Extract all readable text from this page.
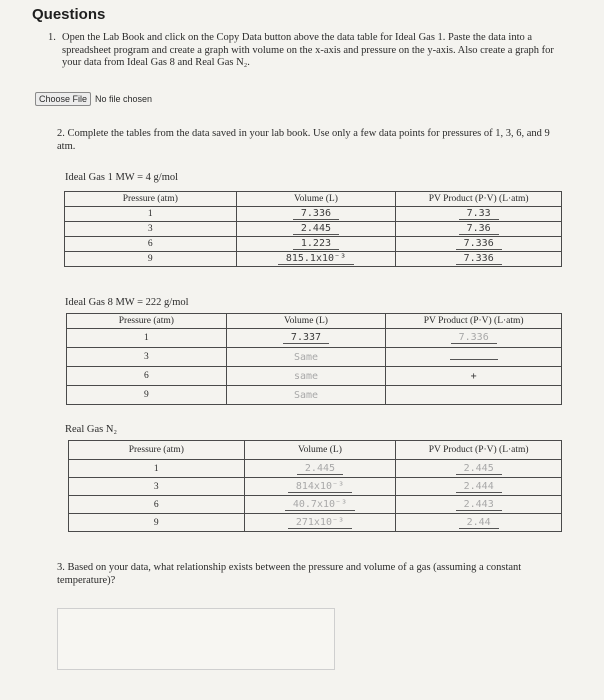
Questions
1. Open the Lab Book and click on the Copy Data button above the data table for Ideal Gas 1. Paste the data into a spreadsheet program and create a graph with volume on the x-axis and pressure on the y-axis. Also create a graph for your data from Ideal Gas 8 and Real Gas N₂.
Choose File No file chosen
2. Complete the tables from the data saved in your lab book. Use only a few data points for pressures of 1, 3, 6, and 9 atm.
Ideal Gas 1 MW = 4 g/mol
Pressure (atm)	Volume (L)	PV Product (P·V) (L·atm)
1	7.336	7.33
3	2.445	7.36
6	1.223	7.336
9	815.1x10⁻³	7.336
Ideal Gas 8 MW = 222 g/mol
Pressure (atm)	Volume (L)	PV Product (P·V) (L·atm)
1	7.337	7.336
3	Same	
6	same	+
9	Same	
Real Gas N₂
Pressure (atm)	Volume (L)	PV Product (P·V) (L·atm)
1	2.445	2.445
3	814x10⁻³	2.444
6	40.7x10⁻³	2.443
9	271x10⁻³	2.44
3. Based on your data, what relationship exists between the pressure and volume of a gas (assuming a constant temperature)?
